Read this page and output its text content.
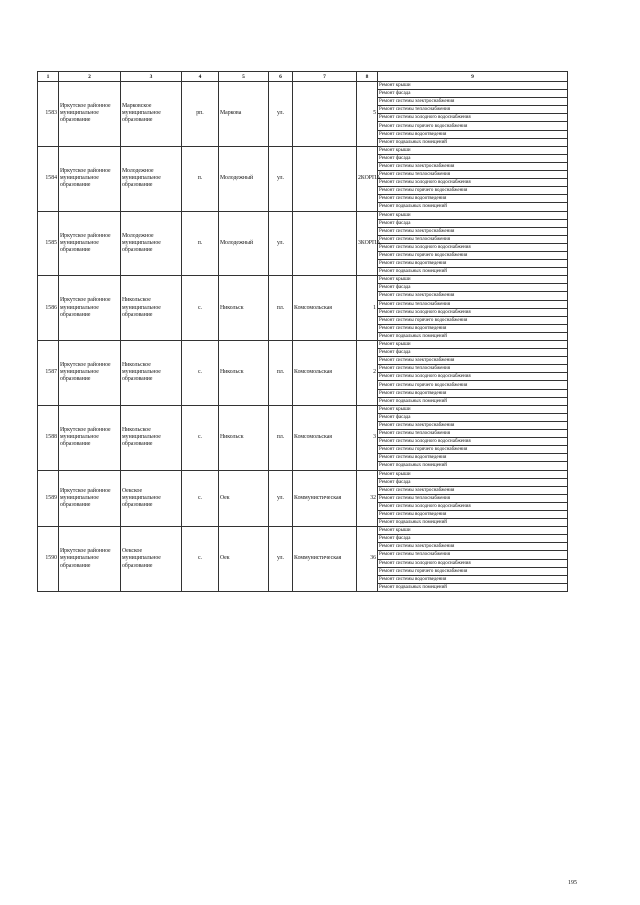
1	2	3	4	5	6	7	8	9
1583	Иркутское районное муниципальное образование	Марковское муниципальное образование	рп.	Маркова	ул.		5	Ремонт крыши
								Ремонт фасада
								Ремонт системы электроснабжения
								Ремонт системы теплоснабжения
								Ремонт системы холодного водоснабжения
								Ремонт системы горячего водоснабжения
								Ремонт системы водоотведения
								Ремонт подвальных помещений
1584	Иркутское районное муниципальное образование	Молодежное муниципальное образование	п.	Молодежный	ул.		2КОРПА	Ремонт крыши
								Ремонт фасада
								Ремонт системы электроснабжения
								Ремонт системы теплоснабжения
								Ремонт системы холодного водоснабжения
								Ремонт системы горячего водоснабжения
								Ремонт системы водоотведения
								Ремонт подвальных помещений
1585	Иркутское районное муниципальное образование	Молодежное муниципальное образование	п.	Молодежный	ул.		3КОРПА	Ремонт крыши
								Ремонт фасада
								Ремонт системы электроснабжения
								Ремонт системы теплоснабжения
								Ремонт системы холодного водоснабжения
								Ремонт системы горячего водоснабжения
								Ремонт системы водоотведения
								Ремонт подвальных помещений
1586	Иркутское районное муниципальное образование	Никольское муниципальное образование	с.	Никольск	пл.	Комсомольская	1	Ремонт крыши
								Ремонт фасада
								Ремонт системы электроснабжения
								Ремонт системы теплоснабжения
								Ремонт системы холодного водоснабжения
								Ремонт системы горячего водоснабжения
								Ремонт системы водоотведения
								Ремонт подвальных помещений
1587	Иркутское районное муниципальное образование	Никольское муниципальное образование	с.	Никольск	пл.	Комсомольская	2	Ремонт крыши
								Ремонт фасада
								Ремонт системы электроснабжения
								Ремонт системы теплоснабжения
								Ремонт системы холодного водоснабжения
								Ремонт системы горячего водоснабжения
								Ремонт системы водоотведения
								Ремонт подвальных помещений
1588	Иркутское районное муниципальное образование	Никольское муниципальное образование	с.	Никольск	пл.	Комсомольская	3	Ремонт крыши
								Ремонт фасада
								Ремонт системы электроснабжения
								Ремонт системы теплоснабжения
								Ремонт системы холодного водоснабжения
								Ремонт системы горячего водоснабжения
								Ремонт системы водоотведения
								Ремонт подвальных помещений
1589	Иркутское районное муниципальное образование	Оекское муниципальное образование	с.	Оек	ул.	Коммунистическая	32	Ремонт крыши
								Ремонт фасада
								Ремонт системы электроснабжения
								Ремонт системы теплоснабжения
								Ремонт системы холодного водоснабжения
								Ремонт системы водоотведения
								Ремонт подвальных помещений
1590	Иркутское районное муниципальное образование	Оекское муниципальное образование	с.	Оек	ул.	Коммунистическая	36	Ремонт крыши
								Ремонт фасада
								Ремонт системы электроснабжения
								Ремонт системы теплоснабжения
								Ремонт системы холодного водоснабжения
								Ремонт системы горячего водоснабжения
								Ремонт системы водоотведения
								Ремонт подвальных помещений
195
